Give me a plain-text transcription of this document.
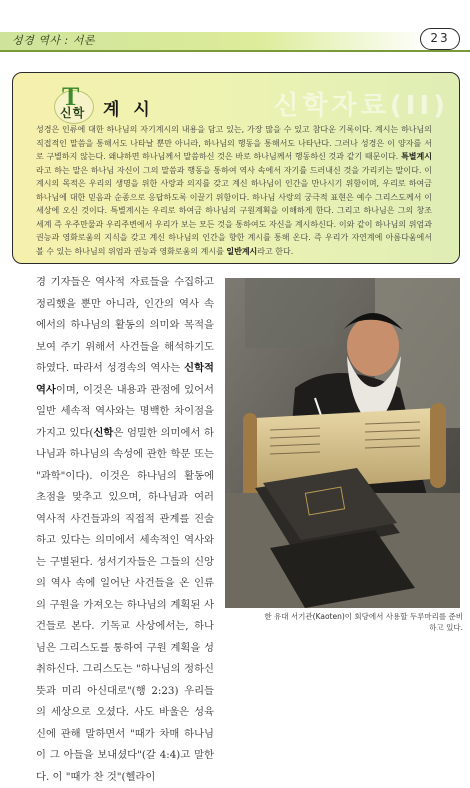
성경 역사 : 서론	23
신학자료(II)
T
신학 계 시

성경은 인류에 대한 하나님의 자기계시의 내용을 담고 있는, 가장 많을 수 있고 참다운 기록이다. 계시는 하나님의 직접적인 말씀을 통해서도 나타날 뿐만 아니라, 하나님의 행동을 통해서도 나타난다. 그러나 성경은 이 양자를 서로 구별하지 않는다. 왜냐하면 하나님께서 말씀하신 것은 바로 하나님께서 행동하신 것과 같기 때문이다. 특별계시라고 하는 말은 하나님 자신이 그의 말씀과 행동을 통하여 역사 속에서 자기를 드러내신 것을 가리키는 말이다. 이 계시의 목적은 우리의 생명을 위한 사랑과 의지를 갖고 계신 하나님이 인간을 만나시기 위함이며, 우리로 하여금 하나님에 대한 믿음과 순종으로 응답하도록 이끌기 위함이다. 하나님 사랑의 궁극적 표현은 예수 그리스도께서 이 세상에 오신 것이다. 특별계시는 우리로 하여금 하나님의 구원계획을 이해하게 한다. 그리고 하나님은 그의 창조 세계 즉 우주만물과 우리주변에서 우리가 보는 모든 것을 통하여도 자신을 계시하신다. 이와 같이 하나님의 위엄과 권능과 영화로움의 지식을 갖고 계신 하나님의 인간을 향한 계시를 통해 온다. 즉 우리가 자연계에 아름다움에서 볼 수 있는 하나님의 위엄과 권능과 영화로움의 계시를 일반계시라고 한다.

경 기자들은 역사적 자료들을 수집하고 정리했을 뿐만 아니라, 인간의 역사 속에서의 하나님의 활동의 의미와 목적을 보여 주기 위해서 사건들을 해석하기도 하였다. 따라서 성경속의 역사는 신학적 역사이며, 이것은 내용과 관점에 있어서 일반 세속적 역사와는 명백한 차이점을 가지고 있다(신학은 엄밀한 의미에서 하나님과 하나님의 속성에 관한 학문 또는 "과학"이다). 이것은 하나님의 활동에 초점을 맞추고 있으며, 하나님과 여러 역사적 사건들과의 직접적 관계를 진술하고 있다는 의미에서 세속적인 역사와는 구별된다. 성서기자들은 그들의 신앙의 역사 속에 일어난 사건들을 온 인류의 구원을 가져오는 하나님의 계획된 사건들로 본다. 기독교 사상에서는, 하나님은 그리스도를 통하여 구원 계획을 성취하신다. 그리스도는 "하나님의 정하신 뜻과 미리 아신대로"(행 2:23) 우리들의 세상으로 오셨다. 사도 바울은 성육신에 관해 말하면서 "때가 차매 하나님이 그 아들을 보내셨다"(갈 4:4)고 말한다. 이 "때가 찬 것"(헬라이

한 유대 서기관(Kaoten)이 회당에서 사용할 두루마리를 준비하고 있다.
